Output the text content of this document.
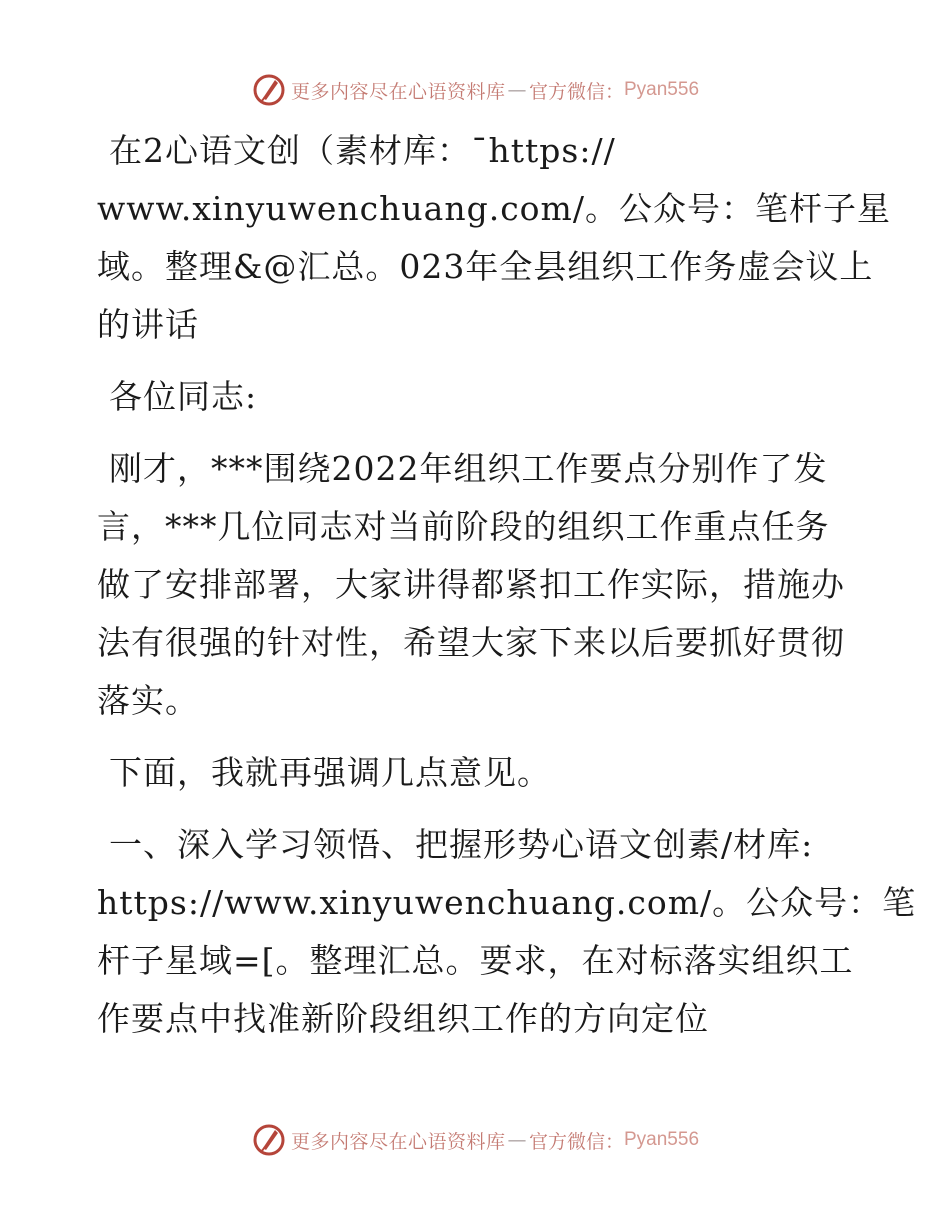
更多内容尽在心语资料库 — 官方微信： Pyan556
在2心语文创（素材库：¯https://
www.xinyuwenchuang.com/。公众号：笔杆子星
域。整理&@汇总。023年全县组织工作务虚会议上
的讲话
各位同志:
刚才，***围绕2022年组织工作要点分别作了发
言，***几位同志对当前阶段的组织工作重点任务
做了安排部署，大家讲得都紧扣工作实际，措施办
法有很强的针对性，希望大家下来以后要抓好贯彻
落实。
下面，我就再强调几点意见。
一、深入学习领悟、把握形势心语文创素/材库:
https://www.xinyuwenchuang.com/。公众号：笔
杆子星域=[。整理汇总。要求，在对标落实组织工
作要点中找准新阶段组织工作的方向定位
更多内容尽在心语资料库 — 官方微信： Pyan556
